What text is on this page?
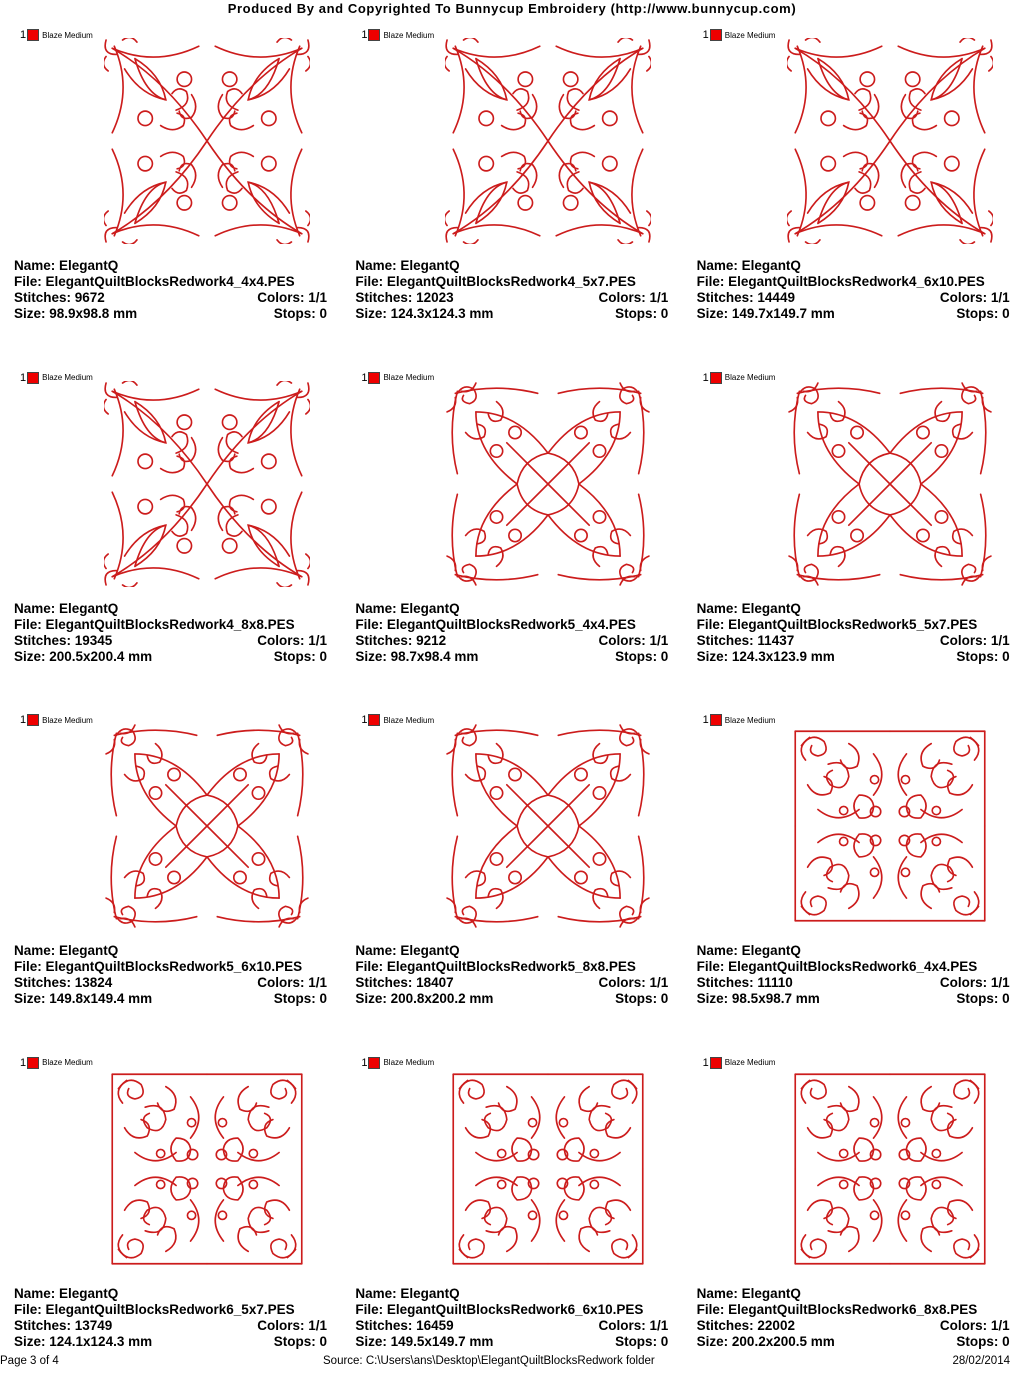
Produced By and Copyrighted To Bunnycup Embroidery (http://www.bunnycup.com)
1 Blaze Medium
Name: ElegantQ
File: ElegantQuiltBlocksRedwork4_4x4.PES
Stitches: 9672	Colors: 1/1
Size: 98.9x98.8 mm	Stops: 0
1 Blaze Medium
Name: ElegantQ
File: ElegantQuiltBlocksRedwork4_5x7.PES
Stitches: 12023	Colors: 1/1
Size: 124.3x124.3 mm	Stops: 0
1 Blaze Medium
Name: ElegantQ
File: ElegantQuiltBlocksRedwork4_6x10.PES
Stitches: 14449	Colors: 1/1
Size: 149.7x149.7 mm	Stops: 0
1 Blaze Medium
Name: ElegantQ
File: ElegantQuiltBlocksRedwork4_8x8.PES
Stitches: 19345	Colors: 1/1
Size: 200.5x200.4 mm	Stops: 0
1 Blaze Medium
Name: ElegantQ
File: ElegantQuiltBlocksRedwork5_4x4.PES
Stitches: 9212	Colors: 1/1
Size: 98.7x98.4 mm	Stops: 0
1 Blaze Medium
Name: ElegantQ
File: ElegantQuiltBlocksRedwork5_5x7.PES
Stitches: 11437	Colors: 1/1
Size: 124.3x123.9 mm	Stops: 0
1 Blaze Medium
Name: ElegantQ
File: ElegantQuiltBlocksRedwork5_6x10.PES
Stitches: 13824	Colors: 1/1
Size: 149.8x149.4 mm	Stops: 0
1 Blaze Medium
Name: ElegantQ
File: ElegantQuiltBlocksRedwork5_8x8.PES
Stitches: 18407	Colors: 1/1
Size: 200.8x200.2 mm	Stops: 0
1 Blaze Medium
Name: ElegantQ
File: ElegantQuiltBlocksRedwork6_4x4.PES
Stitches: 11110	Colors: 1/1
Size: 98.5x98.7 mm	Stops: 0
1 Blaze Medium
Name: ElegantQ
File: ElegantQuiltBlocksRedwork6_5x7.PES
Stitches: 13749	Colors: 1/1
Size: 124.1x124.3 mm	Stops: 0
1 Blaze Medium
Name: ElegantQ
File: ElegantQuiltBlocksRedwork6_6x10.PES
Stitches: 16459	Colors: 1/1
Size: 149.5x149.7 mm	Stops: 0
1 Blaze Medium
Name: ElegantQ
File: ElegantQuiltBlocksRedwork6_8x8.PES
Stitches: 22002	Colors: 1/1
Size: 200.2x200.5 mm	Stops: 0
Page 3 of 4	Source: C:\Users\ans\Desktop\ElegantQuiltBlocksRedwork folder	28/02/2014
